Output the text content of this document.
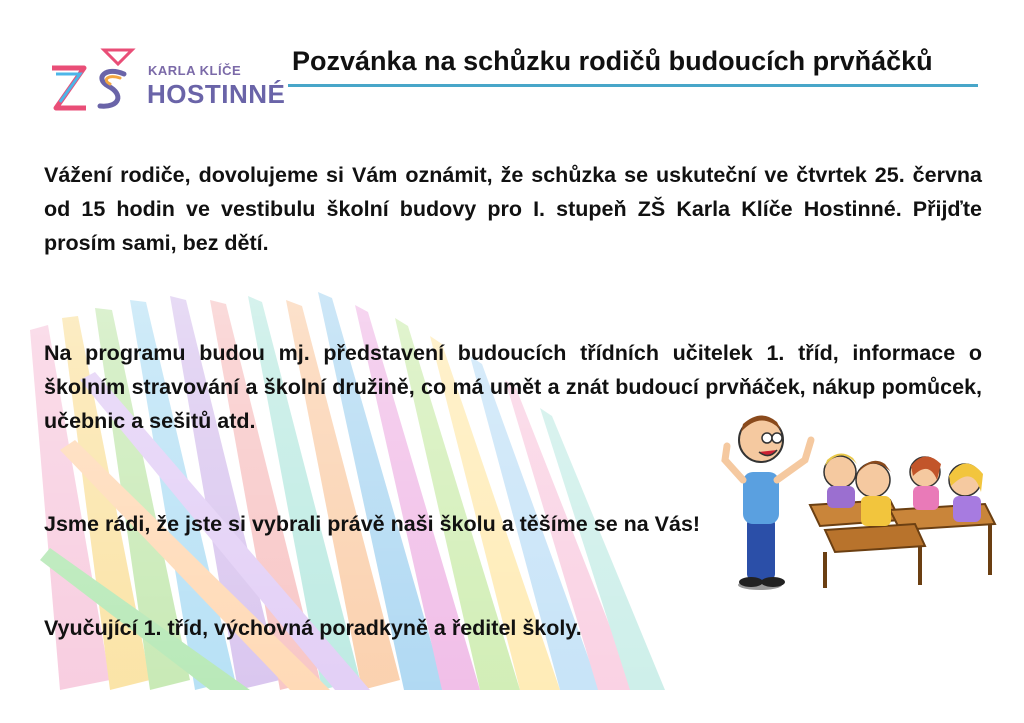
KARLA KLÍČE
HOSTINNÉ
Pozvánka na schůzku rodičů budoucích prvňáčků
Vážení rodiče, dovolujeme si Vám oznámit, že schůzka se uskuteční ve čtvrtek 25. června od 15 hodin ve vestibulu školní budovy pro I. stupeň ZŠ Karla Klíče Hostinné. Přijďte prosím sami, bez dětí.
Na programu budou mj. představení budoucích třídních učitelek 1. tříd, informace o školním stravování a školní družině, co má umět a znát budoucí prvňáček, nákup pomůcek, učebnic a sešitů atd.
Jsme rádi, že jste si vybrali právě naši školu a těšíme se na Vás!
Vyučující 1. tříd, výchovná poradkyně a ředitel školy.
